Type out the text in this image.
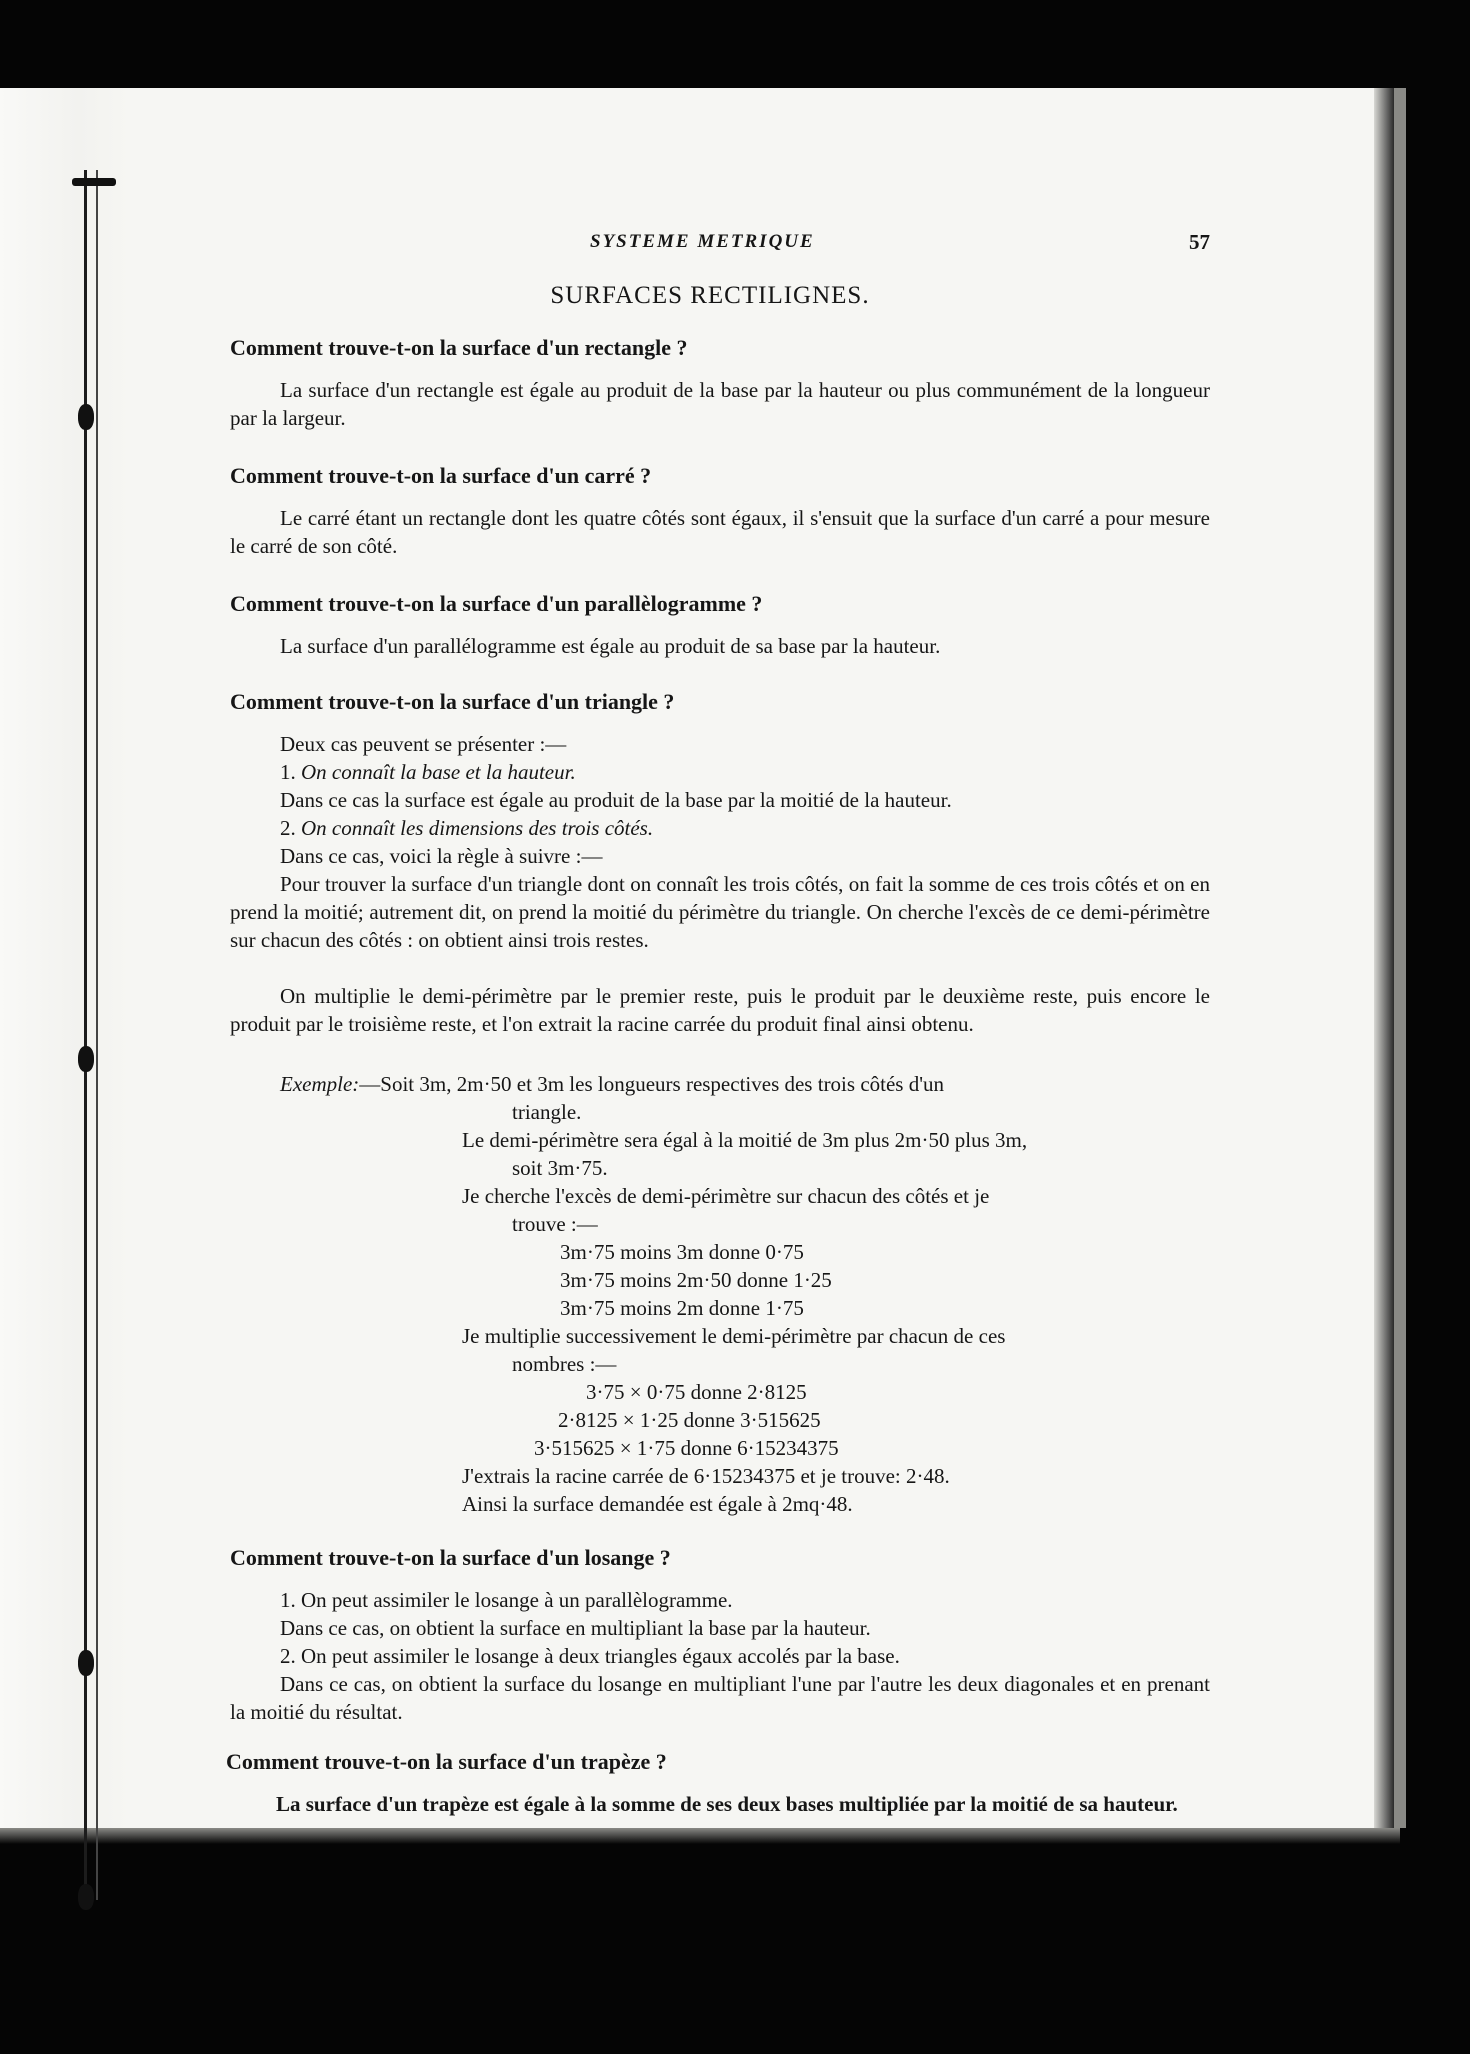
SYSTEME METRIQUE	57
SURFACES RECTILIGNES.
Comment trouve-t-on la surface d'un rectangle ?
La surface d'un rectangle est égale au produit de la base par la hauteur ou plus communément de la longueur par la largeur.
Comment trouve-t-on la surface d'un carré ?
Le carré étant un rectangle dont les quatre côtés sont égaux, il s'ensuit que la surface d'un carré a pour mesure le carré de son côté.
Comment trouve-t-on la surface d'un parallèlogramme ?
La surface d'un parallélogramme est égale au produit de sa base par la hauteur.
Comment trouve-t-on la surface d'un triangle ?
Deux cas peuvent se présenter :—
1. On connaît la base et la hauteur.
Dans ce cas la surface est égale au produit de la base par la moitié de la hauteur.
2. On connaît les dimensions des trois côtés.
Dans ce cas, voici la règle à suivre :—
Pour trouver la surface d'un triangle dont on connaît les trois côtés, on fait la somme de ces trois côtés et on en prend la moitié; autrement dit, on prend la moitié du périmètre du triangle. On cherche l'excès de ce demi-périmètre sur chacun des côtés : on obtient ainsi trois restes.
On multiplie le demi-périmètre par le premier reste, puis le produit par le deuxième reste, puis encore le produit par le troisième reste, et l'on extrait la racine carrée du produit final ainsi obtenu.
Exemple:—Soit 3m, 2m·50 et 3m les longueurs respectives des trois côtés d'un
triangle.
Le demi-périmètre sera égal à la moitié de 3m plus 2m·50 plus 3m,
soit 3m·75.
Je cherche l'excès de demi-périmètre sur chacun des côtés et je
trouve :—
3m·75 moins 3m donne 0·75
3m·75 moins 2m·50 donne 1·25
3m·75 moins 2m donne 1·75
Je multiplie successivement le demi-périmètre par chacun de ces
nombres :—
3·75 × 0·75 donne 2·8125
2·8125 × 1·25 donne 3·515625
3·515625 × 1·75 donne 6·15234375
J'extrais la racine carrée de 6·15234375 et je trouve: 2·48.
Ainsi la surface demandée est égale à 2mq·48.
Comment trouve-t-on la surface d'un losange ?
1. On peut assimiler le losange à un parallèlogramme.
Dans ce cas, on obtient la surface en multipliant la base par la hauteur.
2. On peut assimiler le losange à deux triangles égaux accolés par la base.
Dans ce cas, on obtient la surface du losange en multipliant l'une par l'autre les deux diagonales et en prenant la moitié du résultat.
Comment trouve-t-on la surface d'un trapèze ?
La surface d'un trapèze est égale à la somme de ses deux bases multipliée par la moitié de sa hauteur.
